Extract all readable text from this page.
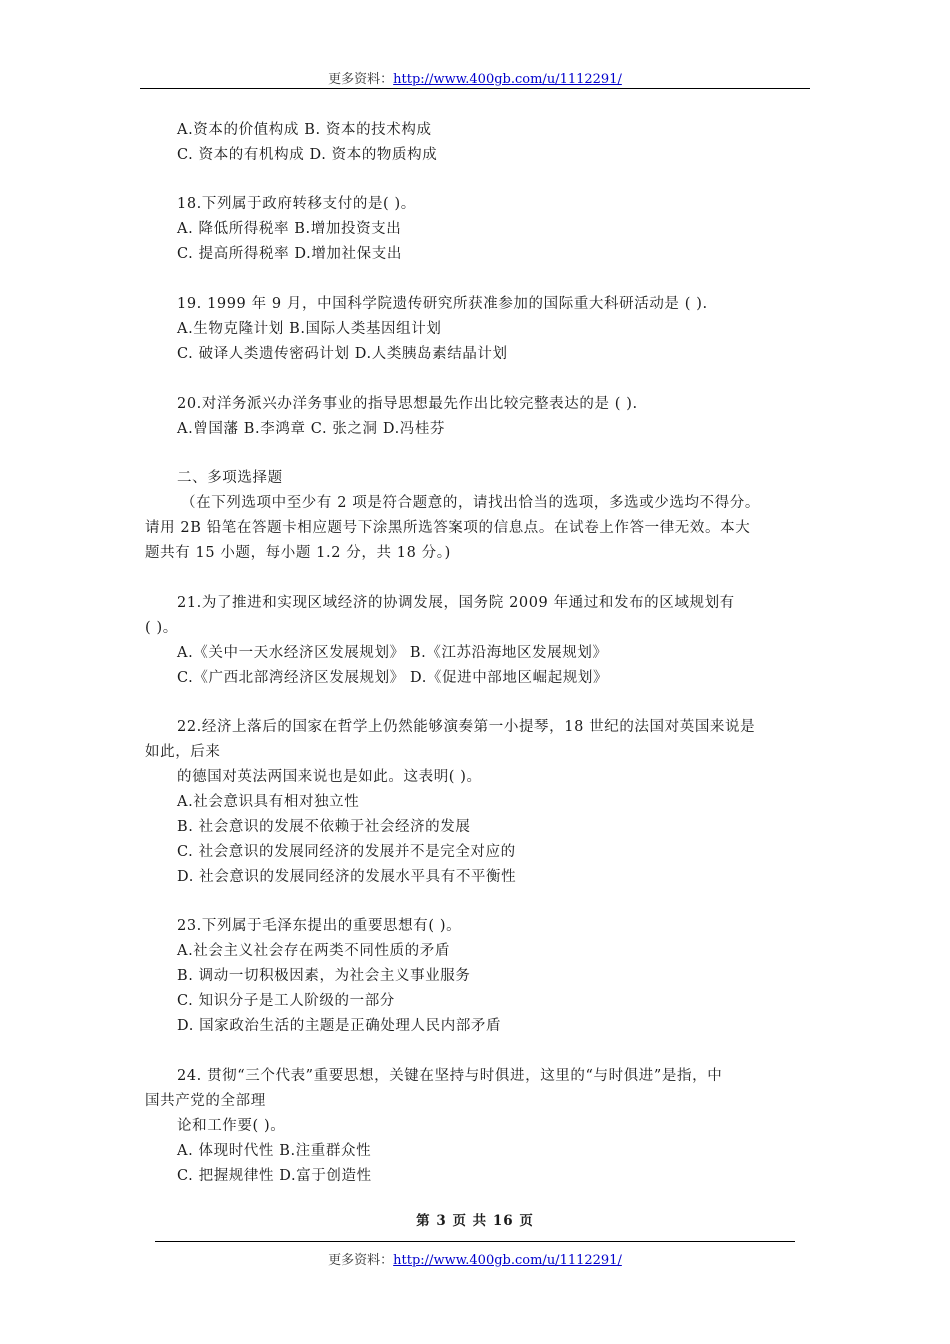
更多资料：http://www.400gb.com/u/1112291/
A.资本的价值构成 B. 资本的技术构成
C. 资本的有机构成 D. 资本的物质构成
18.下列属于政府转移支付的是( )。
A. 降低所得税率 B.增加投资支出
C. 提高所得税率 D.增加社保支出
19. 1999 年 9 月，中国科学院遗传研究所获准参加的国际重大科研活动是 ( ).
A.生物克隆计划 B.国际人类基因组计划
C. 破译人类遗传密码计划 D.人类胰岛素结晶计划
20.对洋务派兴办洋务事业的指导思想最先作出比较完整表达的是 ( ).
A.曾国藩 B.李鸿章 C. 张之洞 D.冯桂芬
二、多项选择题
（在下列选项中至少有 2 项是符合题意的，请找出恰当的选项，多选或少选均不得分。
请用 2B 铅笔在答题卡相应题号下涂黑所选答案项的信息点。在试卷上作答一律无效。本大
题共有 15 小题，每小题 1.2 分，共 18 分。)
21.为了推进和实现区域经济的协调发展，国务院 2009 年通过和发布的区域规划有
( )。
A.《关中一天水经济区发展规划》 B.《江苏沿海地区发展规划》
C.《广西北部湾经济区发展规划》 D.《促进中部地区崛起规划》
22.经济上落后的国家在哲学上仍然能够演奏第一小提琴，18 世纪的法国对英国来说是
如此，后来
的德国对英法两国来说也是如此。这表明( )。
A.社会意识具有相对独立性
B. 社会意识的发展不依赖于社会经济的发展
C. 社会意识的发展同经济的发展并不是完全对应的
D. 社会意识的发展同经济的发展水平具有不平衡性
23.下列属于毛泽东提出的重要思想有( )。
A.社会主义社会存在两类不同性质的矛盾
B. 调动一切积极因素，为社会主义事业服务
C. 知识分子是工人阶级的一部分
D. 国家政治生活的主题是正确处理人民内部矛盾
24. 贯彻“三个代表”重要思想，关键在坚持与时俱进，这里的“与时俱进”是指，中
国共产党的全部理
论和工作要( )。
A. 体现时代性 B.注重群众性
C. 把握规律性 D.富于创造性
第 3 页 共 16 页
更多资料：http://www.400gb.com/u/1112291/
